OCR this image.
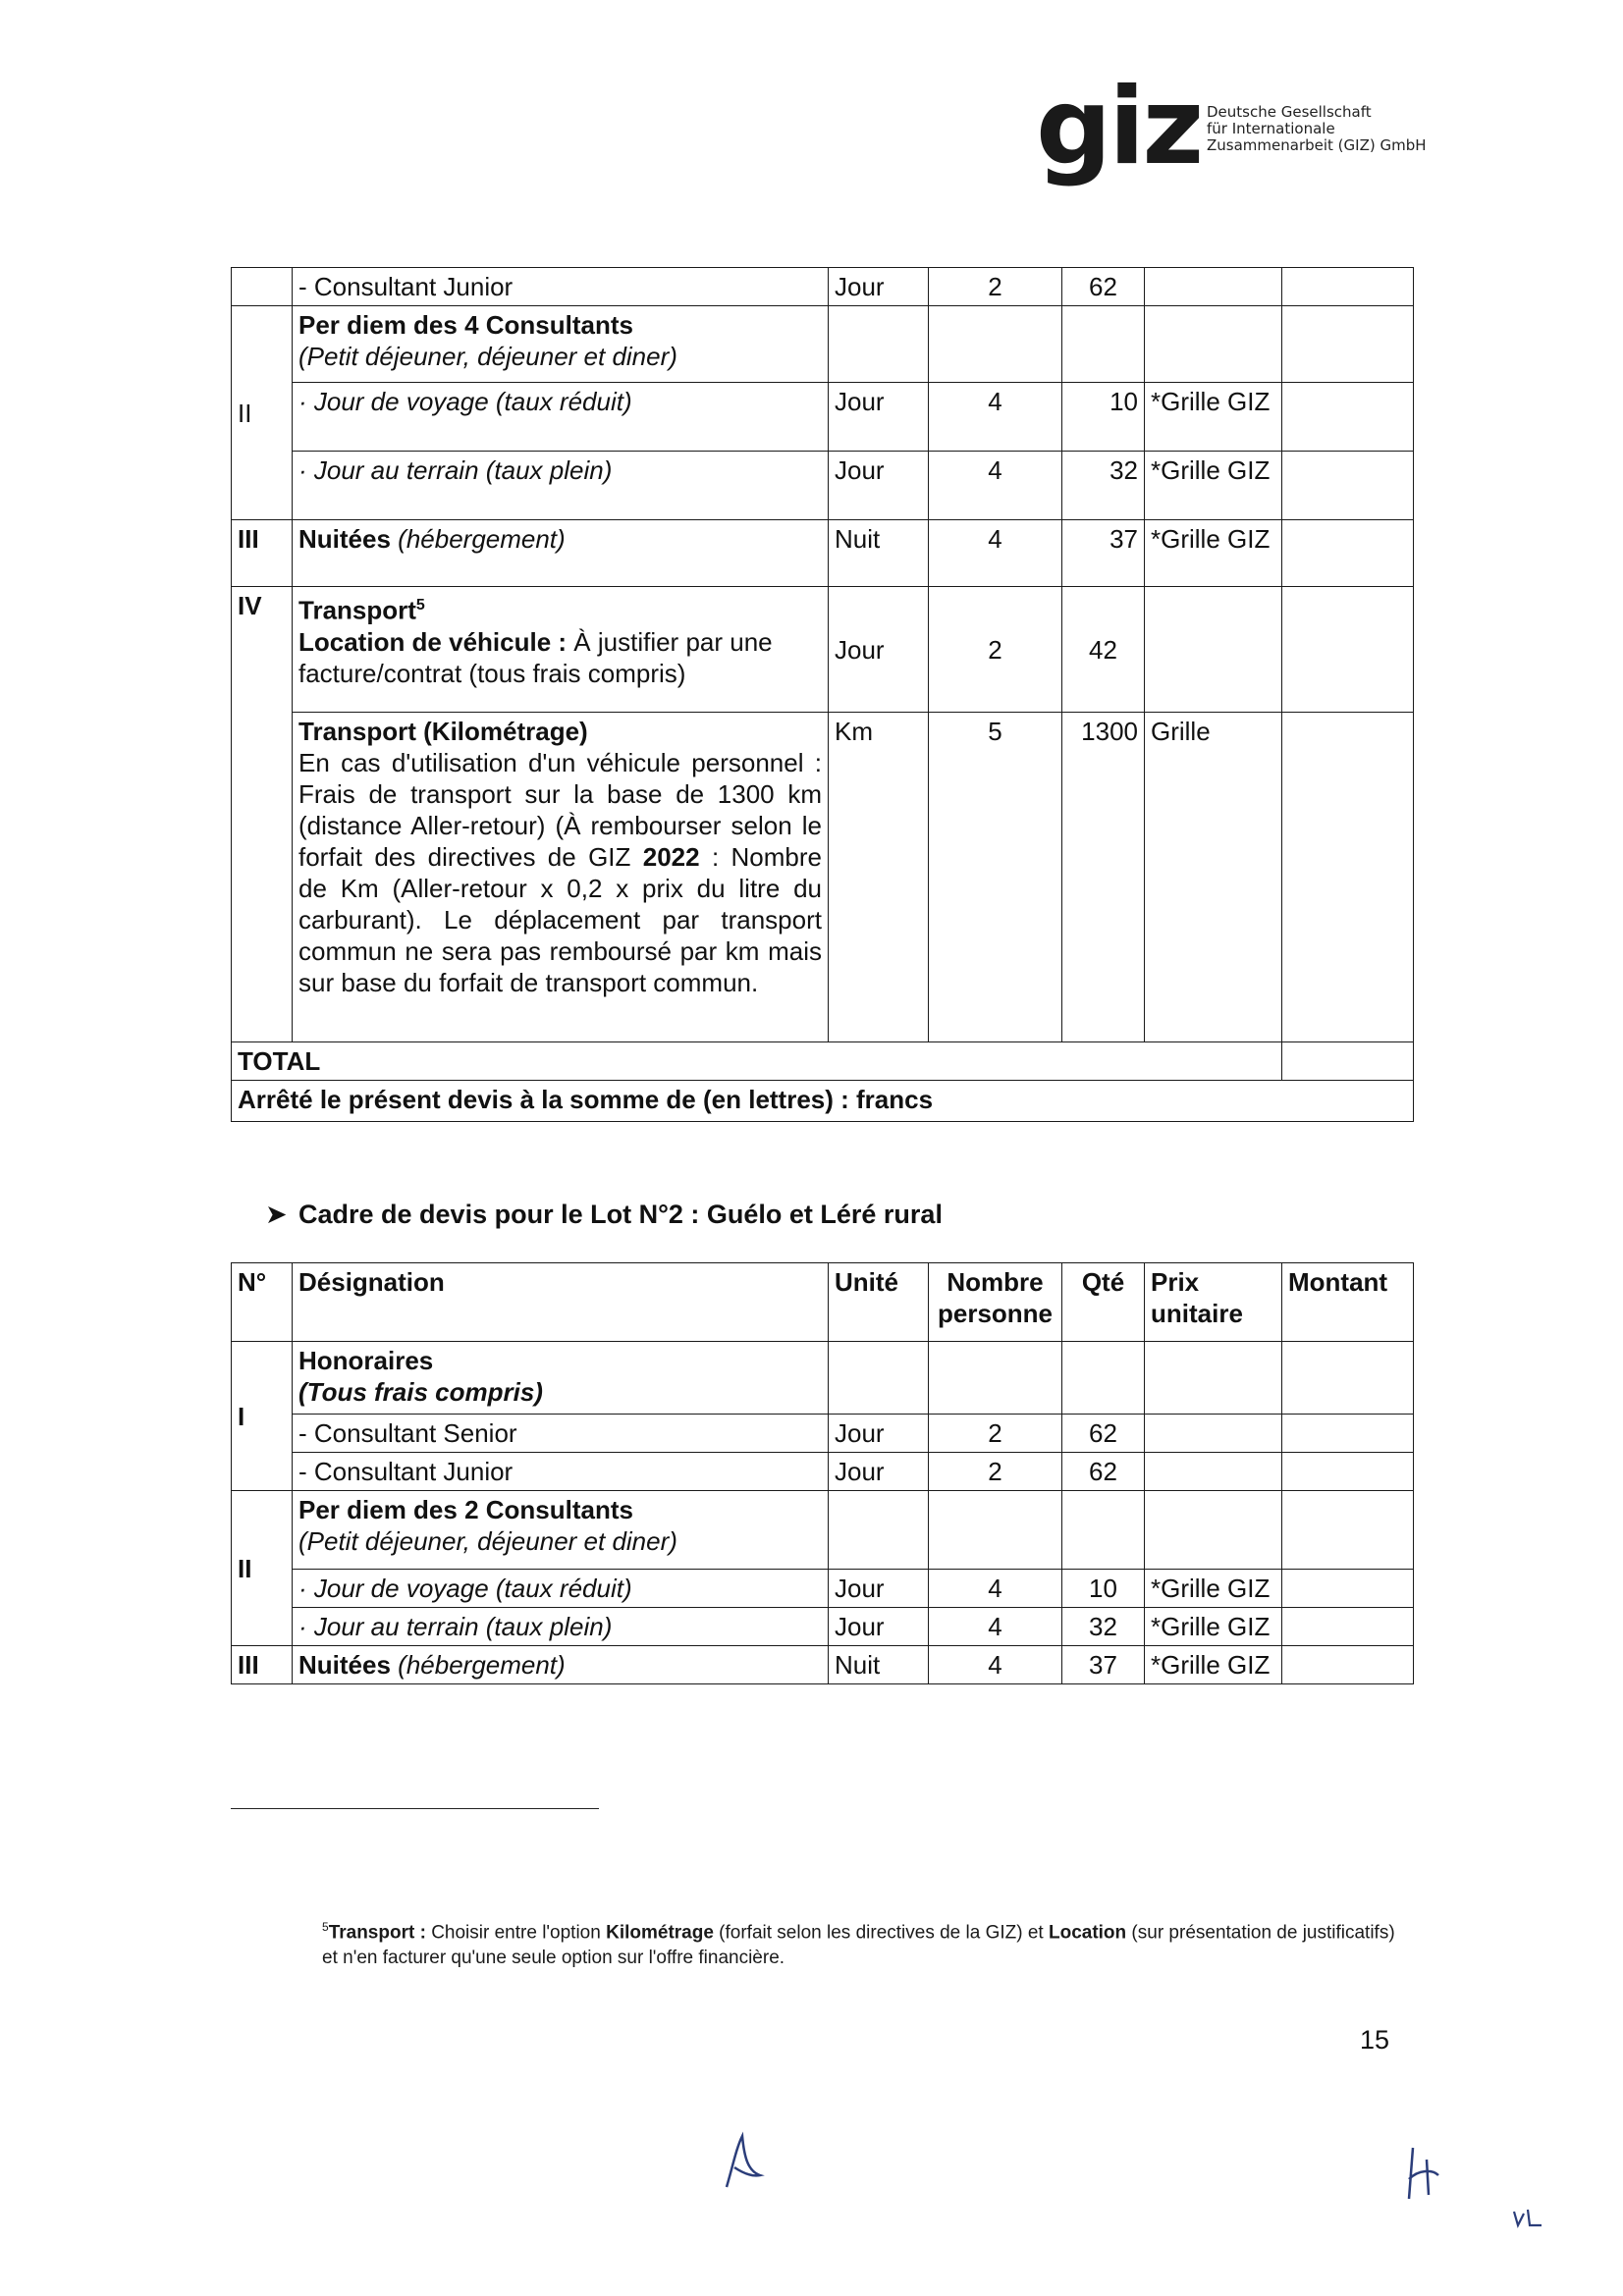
giz Deutsche Gesellschaft
für Internationale
Zusammenarbeit (GIZ) GmbH
	- Consultant Junior	Jour	2	62		
II	Per diem des 4 Consultants
(Petit déjeuner, déjeuner et diner)					

	· Jour de voyage (taux réduit)	Jour	4	10	*Grille GIZ	
	· Jour au terrain (taux plein)	Jour	4	32	*Grille GIZ	
III	Nuitées (hébergement)	Nuit	4	37	*Grille GIZ	
IV	Transport$^5$
Location de véhicule : À justifier par une facture/contrat (tous frais compris)	Jour	2	42		

	Transport (Kilométrage)
En cas d'utilisation d'un véhicule personnel : Frais de transport sur la base de 1300 km (distance Aller-retour) (À rembourser selon le forfait des directives de GIZ 2022 : Nombre de Km (Aller-retour x 0,2 x prix du litre du carburant). Le déplacement par transport commun ne sera pas remboursé par km mais sur base du forfait de transport commun.	Km	5	1300	Grille	
TOTAL						
Arrêté le présent devis à la somme de (en lettres) : francs						
➤ Cadre de devis pour le Lot N°2 : Guélo et Léré rural
N°	Désignation	Unité	Nombre personne	Qté	Prix unitaire	Montant
I	Honoraires
(Tous frais compris)					

	- Consultant Senior	Jour	2	62		
	- Consultant Junior	Jour	2	62		
II	Per diem des 2 Consultants
(Petit déjeuner, déjeuner et diner)					

	· Jour de voyage (taux réduit)	Jour	4	10	*Grille GIZ	
	· Jour au terrain (taux plein)	Jour	4	32	*Grille GIZ	
III	Nuitées (hébergement)	Nuit	4	37	*Grille GIZ	
$^5$Transport : Choisir entre l'option Kilométrage (forfait selon les directives de la GIZ) et Location (sur présentation de justificatifs) et n'en facturer qu'une seule option sur l'offre financière.
15
